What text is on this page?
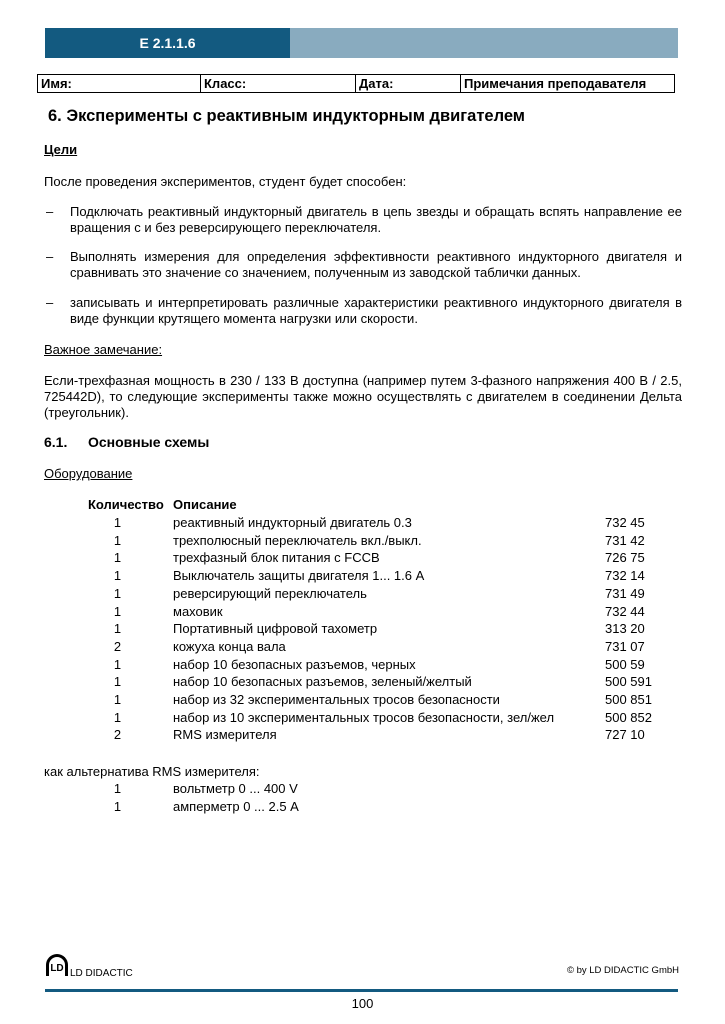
E 2.1.1.6
Имя:	Класс:	Дата:	Примечания преподавателя
6. Эксперименты с реактивным индукторным двигателем
Цели
После проведения экспериментов, студент будет способен:
– Подключать реактивный индукторный двигатель в цепь звезды и обращать вспять направление ее вращения с и без реверсирующего переключателя.
– Выполнять измерения для определения эффективности реактивного индукторного двигателя и сравнивать это значение со значением, полученным из заводской таблички данных.
– записывать и интерпретировать различные характеристики реактивного индукторного двигателя в виде функции крутящего момента нагрузки или скорости.
Важное замечание:
Если-трехфазная мощность в 230 / 133 В доступна (например путем 3-фазного напряжения 400 В / 2.5, 725442D), то следующие эксперименты также можно осуществлять с двигателем в соединении Дельта (треугольник).
6.1. Основные схемы
Оборудование
Количество Описание
1	реактивный индукторный двигатель 0.3	732 45
1	трехполюсный переключатель вкл./выкл.	731 42
1	трехфазный блок питания с FCCB	726 75
1	Выключатель защиты двигателя 1... 1.6 А	732 14
1	реверсирующий переключатель	731 49
1	маховик	732 44
1	Портативный цифровой тахометр	313 20
2	кожуха конца вала	731 07
1	набор 10 безопасных разъемов, черных	500 59
1	набор 10 безопасных разъемов, зеленый/желтый	500 591
1	набор из 32 экспериментальных тросов безопасности	500 851
1	набор из 10 экспериментальных тросов безопасности, зел/жел	500 852
2	RMS измерителя	727 10
как альтернатива RMS измерителя:
1	вольтметр 0 ... 400 V
1	амперметр 0 ... 2.5 A
LD LD DIDACTIC	© by LD DIDACTIC GmbH
100
